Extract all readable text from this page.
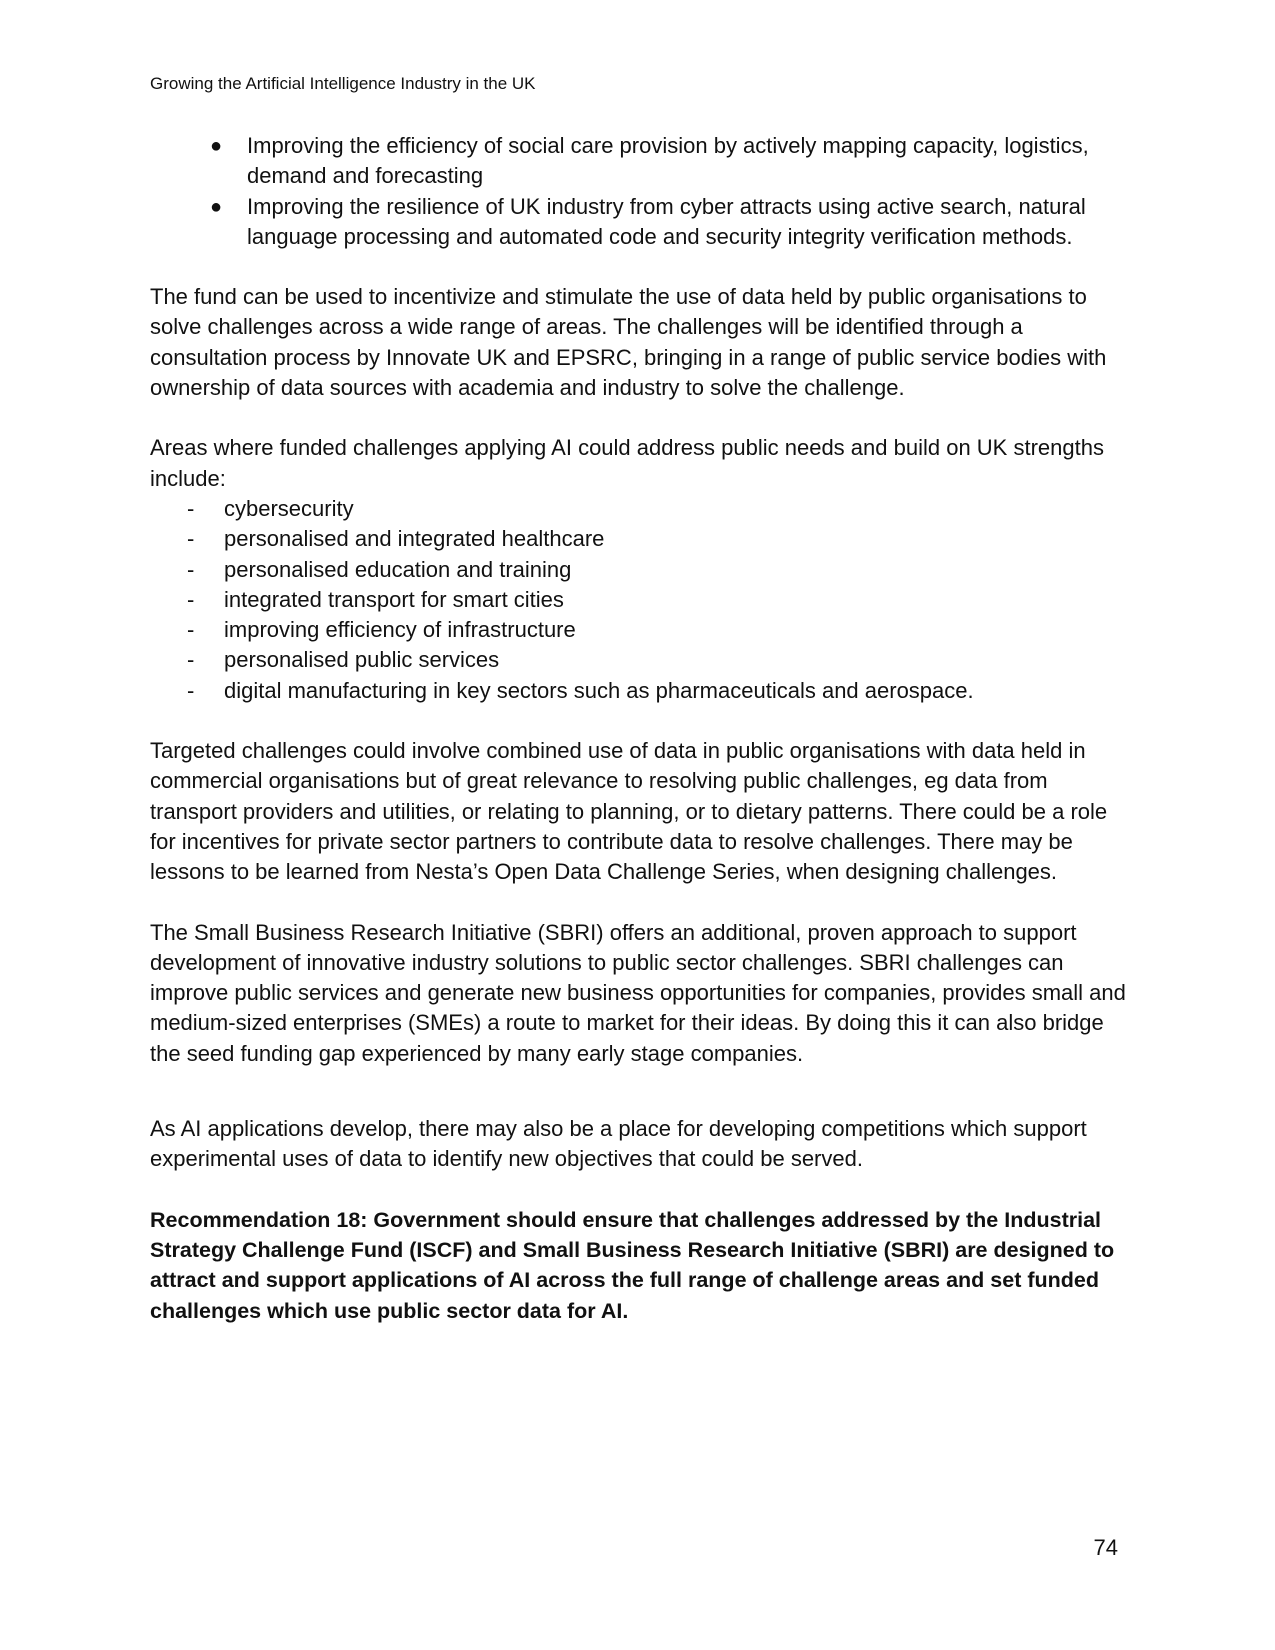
Growing the Artificial Intelligence Industry in the UK
● Improving the efficiency of social care provision by actively mapping capacity, logistics, demand and forecasting
● Improving the resilience of UK industry from cyber attracts using active search, natural language processing and automated code and security integrity verification methods.

The fund can be used to incentivize and stimulate the use of data held by public organisations to solve challenges across a wide range of areas. The challenges will be identified through a consultation process by Innovate UK and EPSRC, bringing in a range of public service bodies with ownership of data sources with academia and industry to solve the challenge.

Areas where funded challenges applying AI could address public needs and build on UK strengths include:

- cybersecurity
- personalised and integrated healthcare
- personalised education and training
- integrated transport for smart cities
- improving efficiency of infrastructure
- personalised public services
- digital manufacturing in key sectors such as pharmaceuticals and aerospace.

Targeted challenges could involve combined use of data in public organisations with data held in commercial organisations but of great relevance to resolving public challenges, eg data from transport providers and utilities, or relating to planning, or to dietary patterns. There could be a role for incentives for private sector partners to contribute data to resolve challenges. There may be lessons to be learned from Nesta’s Open Data Challenge Series, when designing challenges.

The Small Business Research Initiative (SBRI) offers an additional, proven approach to support development of innovative industry solutions to public sector challenges. SBRI challenges can improve public services and generate new business opportunities for companies, provides small and medium-sized enterprises (SMEs) a route to market for their ideas. By doing this it can also bridge the seed funding gap experienced by many early stage companies.

As AI applications develop, there may also be a place for developing competitions which support experimental uses of data to identify new objectives that could be served.

Recommendation 18: Government should ensure that challenges addressed by the Industrial Strategy Challenge Fund (ISCF) and Small Business Research Initiative (SBRI) are designed to attract and support applications of AI across the full range of challenge areas and set funded challenges which use public sector data for AI.

74
